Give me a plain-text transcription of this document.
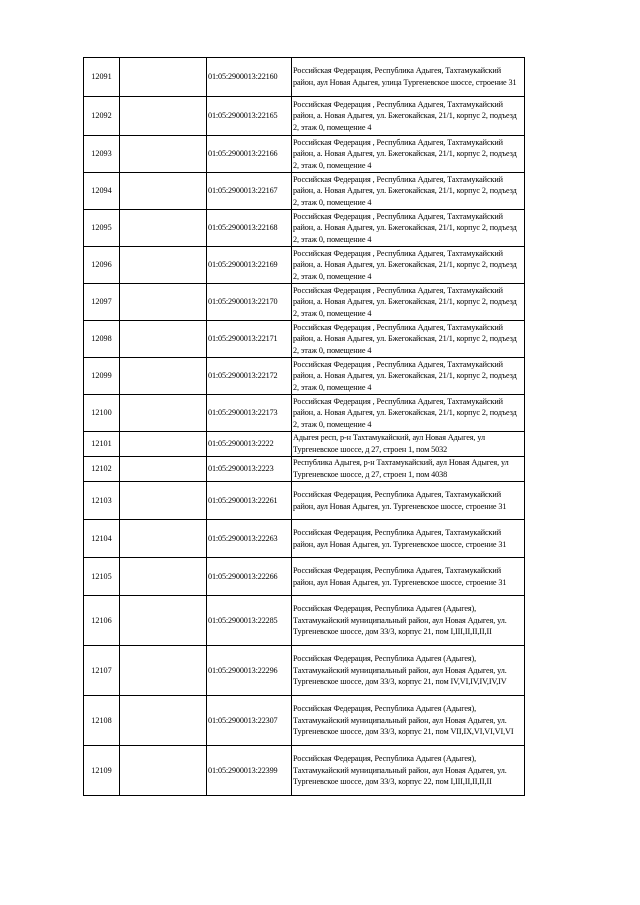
12091		01:05:2900013:22160	Российская Федерация, Республика Адыгея, Тахтамукайский район, аул Новая Адыгея, улица Тургеневское шоссе, строение 31
12092		01:05:2900013:22165	Российская Федерация , Республика Адыгея, Тахтамукайский район, а. Новая Адыгея, ул. Бжегокайская, 21/1, корпус 2, подъезд 2, этаж 0, помещение 4
12093		01:05:2900013:22166	Российская Федерация , Республика Адыгея, Тахтамукайский район, а. Новая Адыгея, ул. Бжегокайская, 21/1, корпус 2, подъезд 2, этаж 0, помещение 4
12094		01:05:2900013:22167	Российская Федерация , Республика Адыгея, Тахтамукайский район, а. Новая Адыгея, ул. Бжегокайская, 21/1, корпус 2, подъезд 2, этаж 0, помещение 4
12095		01:05:2900013:22168	Российская Федерация , Республика Адыгея, Тахтамукайский район, а. Новая Адыгея, ул. Бжегокайская, 21/1, корпус 2, подъезд 2, этаж 0, помещение 4
12096		01:05:2900013:22169	Российская Федерация , Республика Адыгея, Тахтамукайский район, а. Новая Адыгея, ул. Бжегокайская, 21/1, корпус 2, подъезд 2, этаж 0, помещение 4
12097		01:05:2900013:22170	Российская Федерация , Республика Адыгея, Тахтамукайский район, а. Новая Адыгея, ул. Бжегокайская, 21/1, корпус 2, подъезд 2, этаж 0, помещение 4
12098		01:05:2900013:22171	Российская Федерация , Республика Адыгея, Тахтамукайский район, а. Новая Адыгея, ул. Бжегокайская, 21/1, корпус 2, подъезд 2, этаж 0, помещение 4
12099		01:05:2900013:22172	Российская Федерация , Республика Адыгея, Тахтамукайский район, а. Новая Адыгея, ул. Бжегокайская, 21/1, корпус 2, подъезд 2, этаж 0, помещение 4
12100		01:05:2900013:22173	Российская Федерация , Республика Адыгея, Тахтамукайский район, а. Новая Адыгея, ул. Бжегокайская, 21/1, корпус 2, подъезд 2, этаж 0, помещение 4
12101		01:05:2900013:2222	Адыгея респ, р-н Тахтамукайский, аул Новая Адыгея, ул Тургеневское шоссе, д 27, строен 1, пом 5032
12102		01:05:2900013:2223	Республика Адыгея, р-н Тахтамукайский, аул Новая Адыгея, ул Тургеневское шоссе, д 27, строен 1, пом 4038
12103		01:05:2900013:22261	Российская Федерация, Республика Адыгея, Тахтамукайский район, аул Новая Адыгея, ул. Тургеневское шоссе, строение 31
12104		01:05:2900013:22263	Российская Федерация, Республика Адыгея, Тахтамукайский район, аул Новая Адыгея, ул. Тургеневское шоссе, строение 31
12105		01:05:2900013:22266	Российская Федерация, Республика Адыгея, Тахтамукайский район, аул Новая Адыгея, ул. Тургеневское шоссе, строение 31
12106		01:05:2900013:22285	Российская Федерация, Республика Адыгея (Адыгея), Тахтамукайский муниципальный район, аул Новая Адыгея, ул. Тургеневское шоссе, дом 33/3, корпус 21, пом I,III,II,II,II,II
12107		01:05:2900013:22296	Российская Федерация, Республика Адыгея (Адыгея), Тахтамукайский муниципальный район, аул Новая Адыгея, ул. Тургеневское шоссе, дом 33/3, корпус 21, пом IV,VI,IV,IV,IV,IV
12108		01:05:2900013:22307	Российская Федерация, Республика Адыгея (Адыгея), Тахтамукайский муниципальный район, аул Новая Адыгея, ул. Тургеневское шоссе, дом 33/3, корпус 21, пом VII,IX,VI,VI,VI,VI
12109		01:05:2900013:22399	Российская Федерация, Республика Адыгея (Адыгея), Тахтамукайский муниципальный район, аул Новая Адыгея, ул. Тургеневское шоссе, дом 33/3, корпус 22, пом I,III,II,II,II,II
